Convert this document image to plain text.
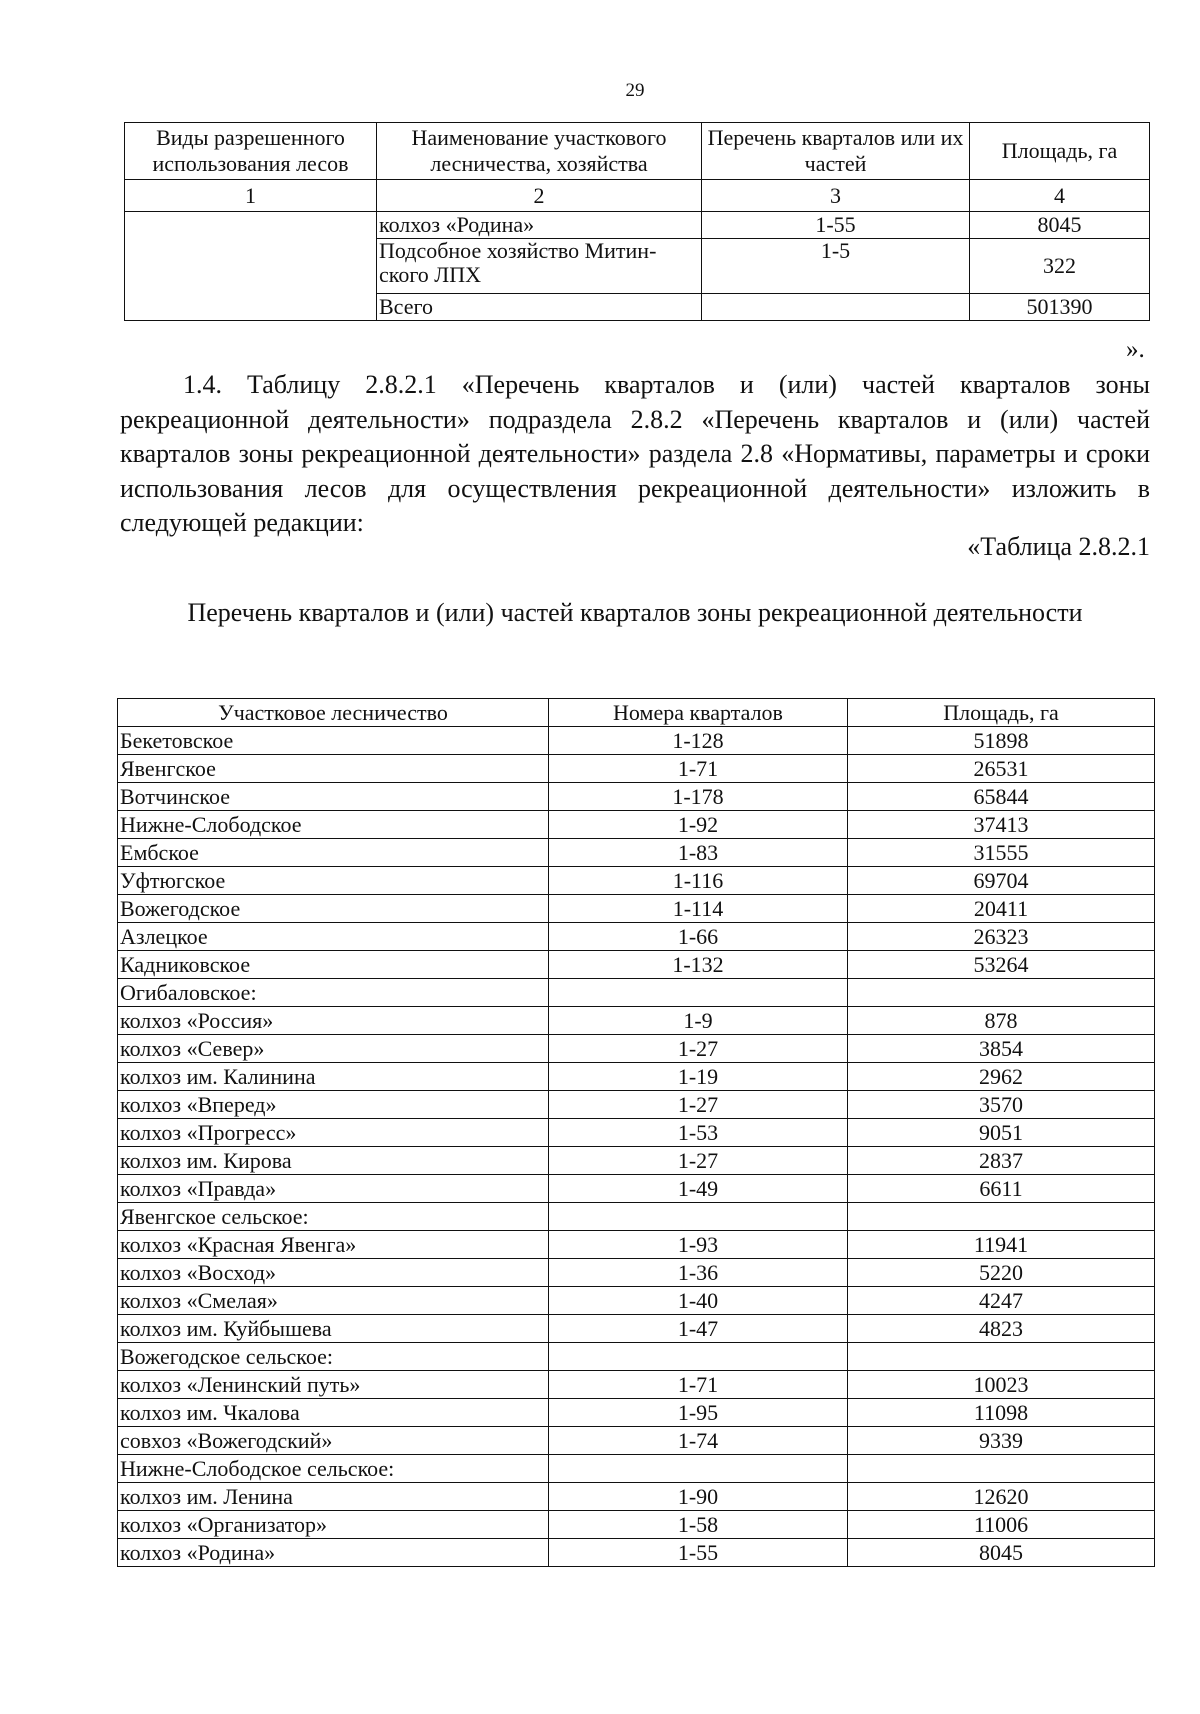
29
Виды разрешенного использования лесов	Наименование участкового лесничества, хозяйства	Перечень кварталов или их частей	Площадь, га
1	2	3	4
	колхоз «Родина»	1-55	8045
	Подсобное хозяйство Митин-ского ЛПХ	1-5	322
	Всего		501390
».
1.4. Таблицу 2.8.2.1 «Перечень кварталов и (или) частей кварталов зоны рекреационной деятельности» подраздела 2.8.2 «Перечень кварталов и (или) частей кварталов зоны рекреационной деятельности» раздела 2.8 «Нормативы, параметры и сроки использования лесов для осуществления рекреационной деятельности» изложить в следующей редакции:
«Таблица 2.8.2.1
Перечень кварталов и (или) частей кварталов зоны рекреационной деятельности
Участковое лесничество	Номера кварталов	Площадь, га
Бекетовское	1-128	51898
Явенгское	1-71	26531
Вотчинское	1-178	65844
Нижне-Слободское	1-92	37413
Ембское	1-83	31555
Уфтюгское	1-116	69704
Вожегодское	1-114	20411
Азлецкое	1-66	26323
Кадниковское	1-132	53264
Огибаловское:		
колхоз «Россия»	1-9	878
колхоз «Север»	1-27	3854
колхоз им. Калинина	1-19	2962
колхоз «Вперед»	1-27	3570
колхоз «Прогресс»	1-53	9051
колхоз им. Кирова	1-27	2837
колхоз «Правда»	1-49	6611
Явенгское сельское:		
колхоз «Красная Явенга»	1-93	11941
колхоз «Восход»	1-36	5220
колхоз «Смелая»	1-40	4247
колхоз им. Куйбышева	1-47	4823
Вожегодское сельское:		
колхоз «Ленинский путь»	1-71	10023
колхоз им. Чкалова	1-95	11098
совхоз «Вожегодский»	1-74	9339
Нижне-Слободское сельское:		
колхоз им. Ленина	1-90	12620
колхоз «Организатор»	1-58	11006
колхоз «Родина»	1-55	8045
